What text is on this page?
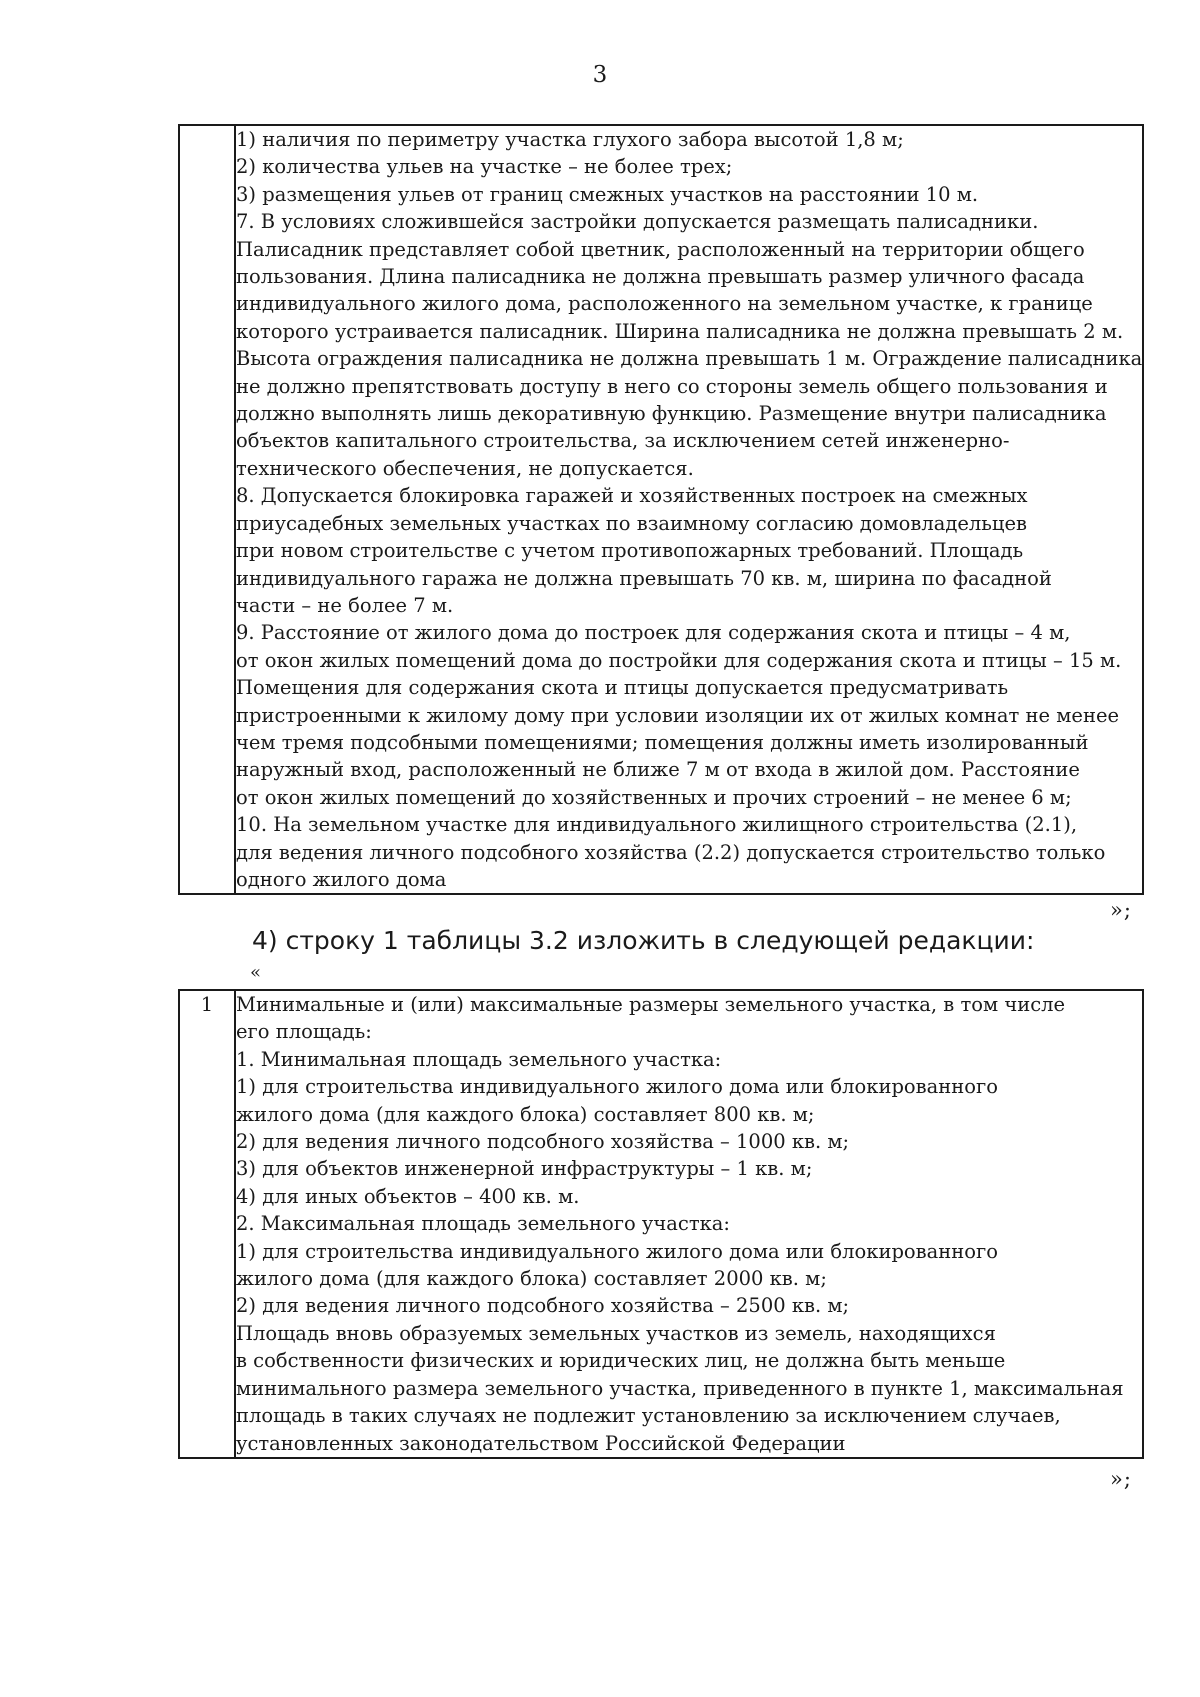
3

1) наличия по периметру участка глухого забора высотой 1,8 м;
2) количества ульев на участке – не более трех;
3) размещения ульев от границ смежных участков на расстоянии 10 м.
7. В условиях сложившейся застройки допускается размещать палисадники.
Палисадник представляет собой цветник, расположенный на территории общего
пользования. Длина палисадника не должна превышать размер уличного фасада
индивидуального жилого дома, расположенного на земельном участке, к границе
которого устраивается палисадник. Ширина палисадника не должна превышать 2 м.
Высота ограждения палисадника не должна превышать 1 м. Ограждение палисадника
не должно препятствовать доступу в него со стороны земель общего пользования и
должно выполнять лишь декоративную функцию. Размещение внутри палисадника
объектов капитального строительства, за исключением сетей инженерно-
технического обеспечения, не допускается.
8. Допускается блокировка гаражей и хозяйственных построек на смежных
приусадебных земельных участках по взаимному согласию домовладельцев
при новом строительстве с учетом противопожарных требований. Площадь
индивидуального гаража не должна превышать 70 кв. м, ширина по фасадной
части – не более 7 м.
9. Расстояние от жилого дома до построек для содержания скота и птицы – 4 м,
от окон жилых помещений дома до постройки для содержания скота и птицы – 15 м.
Помещения для содержания скота и птицы допускается предусматривать
пристроенными к жилому дому при условии изоляции их от жилых комнат не менее
чем тремя подсобными помещениями; помещения должны иметь изолированный
наружный вход, расположенный не ближе 7 м от входа в жилой дом. Расстояние
от окон жилых помещений до хозяйственных и прочих строений – не менее 6 м;
10. На земельном участке для индивидуального жилищного строительства (2.1),
для ведения личного подсобного хозяйства (2.2) допускается строительство только
одного жилого дома
»;
4) строку 1 таблицы 3.2 изложить в следующей редакции:
«
1	Минимальные и (или) максимальные размеры земельного участка, в том числе
его площадь:
1. Минимальная площадь земельного участка:
1) для строительства индивидуального жилого дома или блокированного
жилого дома (для каждого блока) составляет 800 кв. м;
2) для ведения личного подсобного хозяйства – 1000 кв. м;
3) для объектов инженерной инфраструктуры – 1 кв. м;
4) для иных объектов – 400 кв. м.
2. Максимальная площадь земельного участка:
1) для строительства индивидуального жилого дома или блокированного
жилого дома (для каждого блока) составляет 2000 кв. м;
2) для ведения личного подсобного хозяйства – 2500 кв. м;
Площадь вновь образуемых земельных участков из земель, находящихся
в собственности физических и юридических лиц, не должна быть меньше
минимального размера земельного участка, приведенного в пункте 1, максимальная
площадь в таких случаях не подлежит установлению за исключением случаев,
установленных законодательством Российской Федерации
»;
